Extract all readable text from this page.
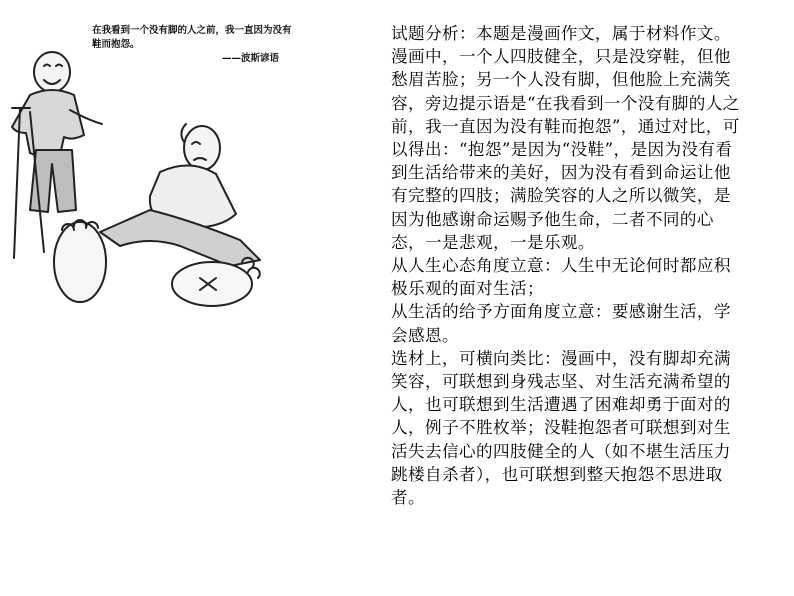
在我看到一个没有脚的人之前，我一直因为没有鞋而抱怨。
——波斯谚语

试题分析：本题是漫画作文，属于材料作文。漫画中，一个人四肢健全，只是没穿鞋，但他愁眉苦脸；另一个人没有脚，但他脸上充满笑容，旁边提示语是“在我看到一个没有脚的人之前，我一直因为没有鞋而抱怨”，通过对比，可以得出：“抱怨”是因为“没鞋”，是因为没有看到生活给带来的美好，因为没有看到命运让他有完整的四肢；满脸笑容的人之所以微笑，是因为他感谢命运赐予他生命，二者不同的心态，一是悲观，一是乐观。

从人生心态角度立意：人生中无论何时都应积极乐观的面对生活；

从生活的给予方面角度立意：要感谢生活，学会感恩。

选材上，可横向类比：漫画中，没有脚却充满笑容，可联想到身残志坚、对生活充满希望的人，也可联想到生活遭遇了困难却勇于面对的人，例子不胜枚举；没鞋抱怨者可联想到对生活失去信心的四肢健全的人（如不堪生活压力跳楼自杀者），也可联想到整天抱怨不思进取者。
